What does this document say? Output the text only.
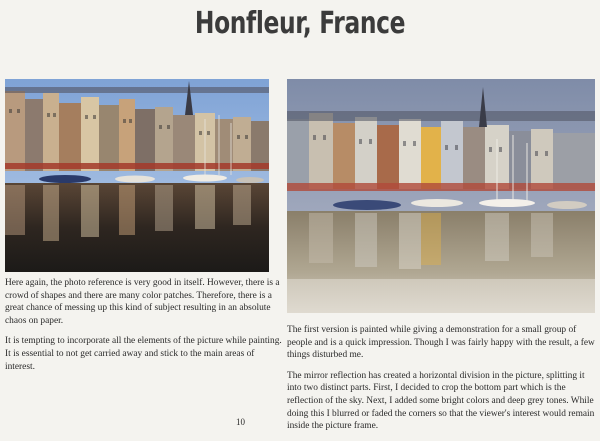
Honfleur, France

Here again, the photo reference is very good in itself. However, there is a crowd of shapes and there are many color patches. Therefore, there is a great chance of messing up this kind of subject resulting in an absolute chaos on paper.

It is tempting to incorporate all the elements of the picture while painting. It is essential to not get carried away and stick to the main areas of interest.

The first version is painted while giving a demonstration for a small group of people and is a quick impression. Though I was fairly happy with the result, a few things disturbed me.

The mirror reflection has created a horizontal division in the picture, splitting it into two distinct parts. First, I decided to crop the bottom part which is the reflection of the sky. Next, I added some bright colors and deep grey tones. While doing this I blurred or faded the corners so that the viewer's interest would remain inside the picture frame.

10
